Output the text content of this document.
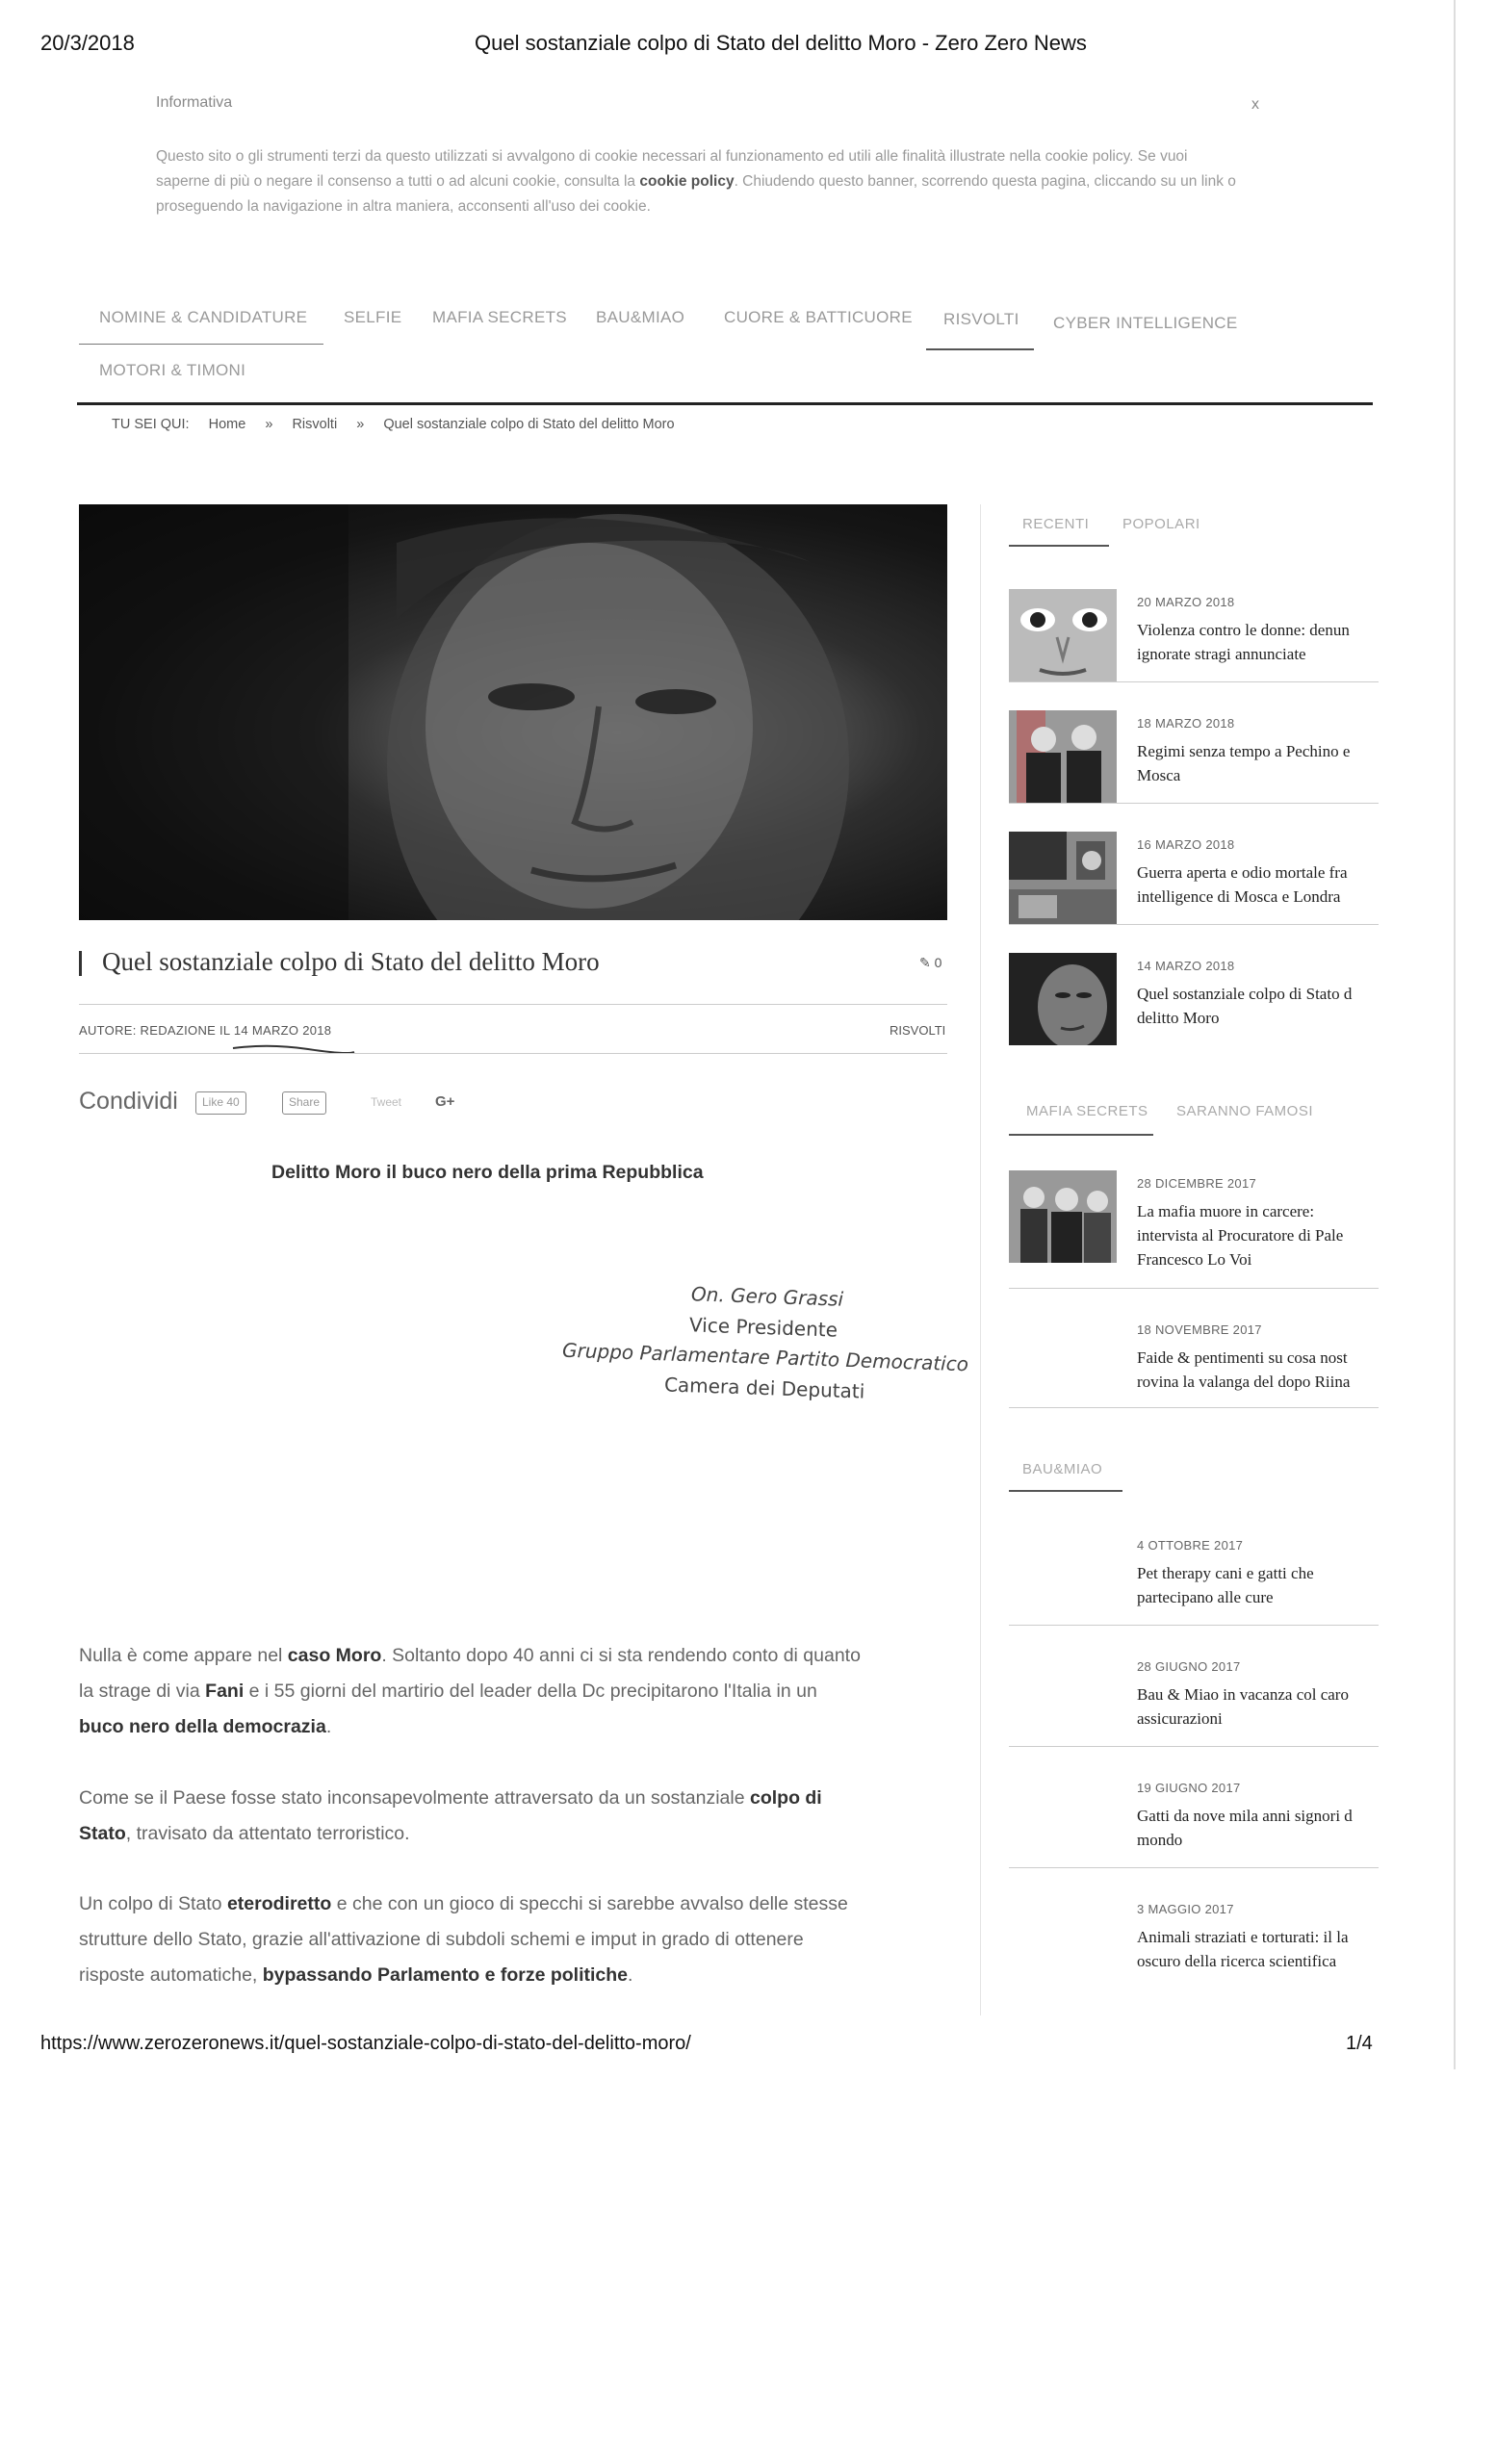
20/3/2018	Quel sostanziale colpo di Stato del delitto Moro - Zero Zero News
Informativa	x
Questo sito o gli strumenti terzi da questo utilizzati si avvalgono di cookie necessari al funzionamento ed utili alle finalità illustrate nella cookie policy. Se vuoi saperne di più o negare il consenso a tutti o ad alcuni cookie, consulta la cookie policy. Chiudendo questo banner, scorrendo questa pagina, cliccando su un link o proseguendo la navigazione in altra maniera, acconsenti all'uso dei cookie.
NOMINE & CANDIDATURE SELFIE MAFIA SECRETS BAU&MIAO CUORE & BATTICUORE RISVOLTI CYBER INTELLIGENCE
MOTORI & TIMONI
TU SEI QUI: Home » Risvolti » Quel sostanziale colpo di Stato del delitto Moro
Quel sostanziale colpo di Stato del delitto Moro	✎ 0
AUTORE: REDAZIONE IL 14 MARZO 2018	RISVOLTI
Condividi	Like 40	Share	Tweet G+
Delitto Moro il buco nero della prima Repubblica
On. Gero Grassi
Vice Presidente
Gruppo Parlamentare Partito Democratico
Camera dei Deputati
Nulla è come appare nel caso Moro. Soltanto dopo 40 anni ci si sta rendendo conto di quanto
la strage di via Fani e i 55 giorni del martirio del leader della Dc precipitarono l'Italia in un
buco nero della democrazia.
Come se il Paese fosse stato inconsapevolmente attraversato da un sostanziale colpo di
Stato, travisato da attentato terroristico.
Un colpo di Stato eterodiretto e che con un gioco di specchi si sarebbe avvalso delle stesse
strutture dello Stato, grazie all'attivazione di subdoli schemi e imput in grado di ottenere
risposte automatiche, bypassando Parlamento e forze politiche.
RECENTI POPOLARI
20 MARZO 2018
Violenza contro le donne: denun
ignorate stragi annunciate
18 MARZO 2018
Regimi senza tempo a Pechino e
Mosca
16 MARZO 2018
Guerra aperta e odio mortale fra
intelligence di Mosca e Londra
14 MARZO 2018
Quel sostanziale colpo di Stato d
delitto Moro
MAFIA SECRETS SARANNO FAMOSI
28 DICEMBRE 2017
La mafia muore in carcere:
intervista al Procuratore di Pale
Francesco Lo Voi
18 NOVEMBRE 2017
Faide & pentimenti su cosa nost
rovina la valanga del dopo Riina
BAU&MIAO
4 OTTOBRE 2017
Pet therapy cani e gatti che
partecipano alle cure
28 GIUGNO 2017
Bau & Miao in vacanza col caro
assicurazioni
19 GIUGNO 2017
Gatti da nove mila anni signori d
mondo
3 MAGGIO 2017
Animali straziati e torturati: il la
oscuro della ricerca scientifica
https://www.zerozeronews.it/quel-sostanziale-colpo-di-stato-del-delitto-moro/	1/4
